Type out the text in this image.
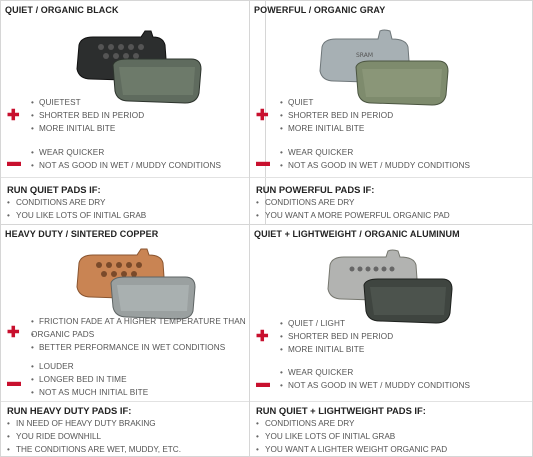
QUIET / ORGANIC BLACK
✚
• QUIETEST
• SHORTER BED IN PERIOD
• MORE INITIAL BITE
▬
• WEAR QUICKER
• NOT AS GOOD IN WET / MUDDY CONDITIONS
RUN QUIET PADS IF:
• CONDITIONS ARE DRY
• YOU LIKE LOTS OF INITIAL GRAB
POWERFUL / ORGANIC GRAY
SRAM
✚
• QUIET
• SHORTER BED IN PERIOD
• MORE INITIAL BITE
▬
• WEAR QUICKER
• NOT AS GOOD IN WET / MUDDY CONDITIONS
RUN POWERFUL PADS IF:
• CONDITIONS ARE DRY
• YOU WANT A MORE POWERFUL ORGANIC PAD
HEAVY DUTY / SINTERED COPPER
✚
• FRICTION FADE AT A HIGHER TEMPERATURE THAN
• ORGANIC PADS
• BETTER PERFORMANCE IN WET CONDITIONS
▬
• LOUDER
• LONGER BED IN TIME
• NOT AS MUCH INITIAL BITE
RUN HEAVY DUTY PADS IF:
• IN NEED OF HEAVY DUTY BRAKING
• YOU RIDE DOWNHILL
• THE CONDITIONS ARE WET, MUDDY, ETC.
QUIET + LIGHTWEIGHT / ORGANIC ALUMINUM
✚
• QUIET / LIGHT
• SHORTER BED IN PERIOD
• MORE INITIAL BITE
▬
• WEAR QUICKER
• NOT AS GOOD IN WET / MUDDY CONDITIONS
RUN QUIET + LIGHTWEIGHT PADS IF:
• CONDITIONS ARE DRY
• YOU LIKE LOTS OF INITIAL GRAB
• YOU WANT A LIGHTER WEIGHT ORGANIC PAD
